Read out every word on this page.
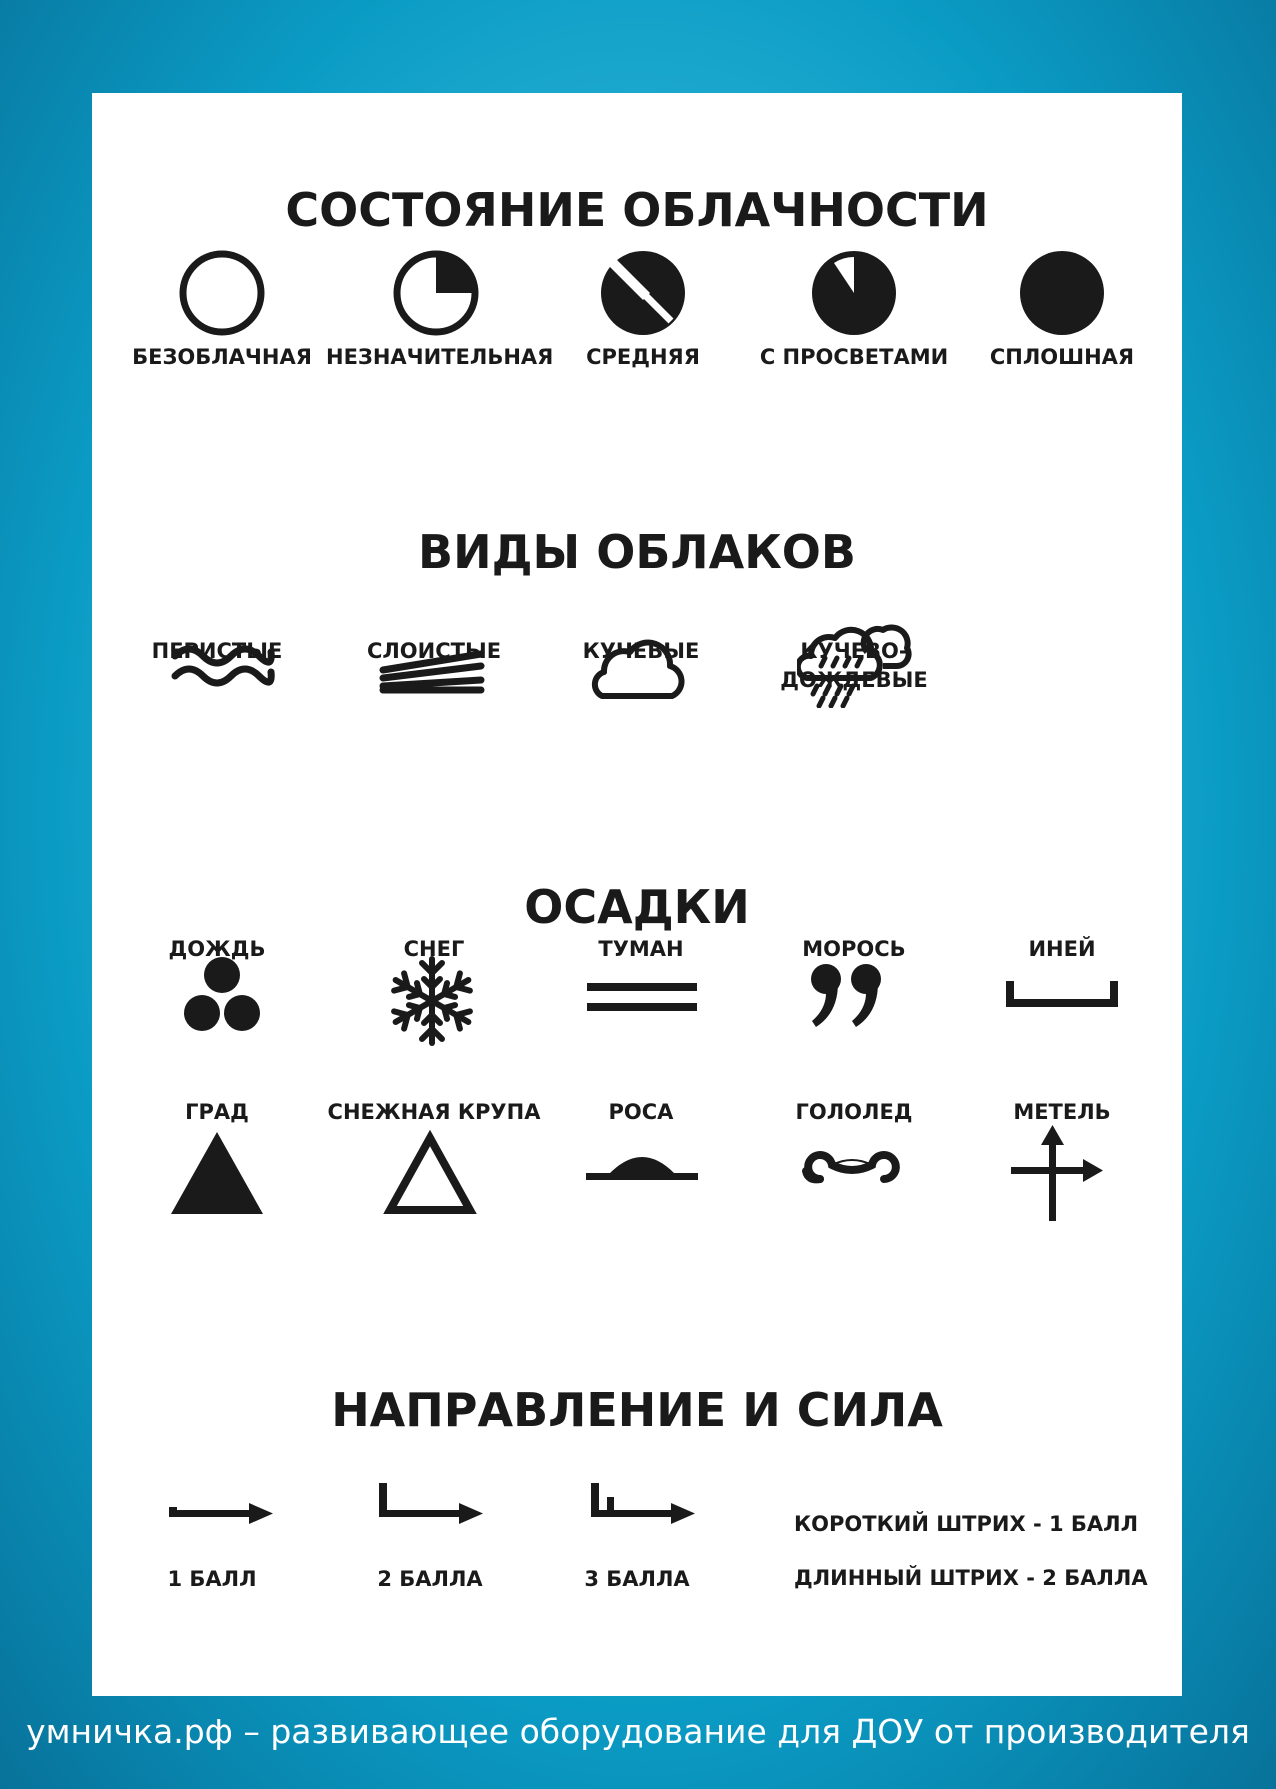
СОСТОЯНИЕ ОБЛАЧНОСТИ
БЕЗОБЛАЧНАЯ НЕЗНАЧИТЕЛЬНАЯ	СРЕДНЯЯ	С ПРОСВЕТАМИ	СПЛОШНАЯ
ВИДЫ ОБЛАКОВ
ПЕРИСТЫЕ	СЛОИСТЫЕ	КУЧЕВЫЕ	КУЧЕВО-
ДОЖДЕВЫЕ
ОСАДКИ
ДОЖДЬ	СНЕГ	ТУМАН	МОРОСЬ	ИНЕЙ
ГРАД	СНЕЖНАЯ КРУПА	РОСА	ГОЛОЛЕД	МЕТЕЛЬ
НАПРАВЛЕНИЕ И СИЛА
1 БАЛЛ	2 БАЛЛА	3 БАЛЛА
КОРОТКИЙ ШТРИХ - 1 БАЛЛ
ДЛИННЫЙ ШТРИХ - 2 БАЛЛА
умничка.рф – развивающее оборудование для ДОУ от производителя
